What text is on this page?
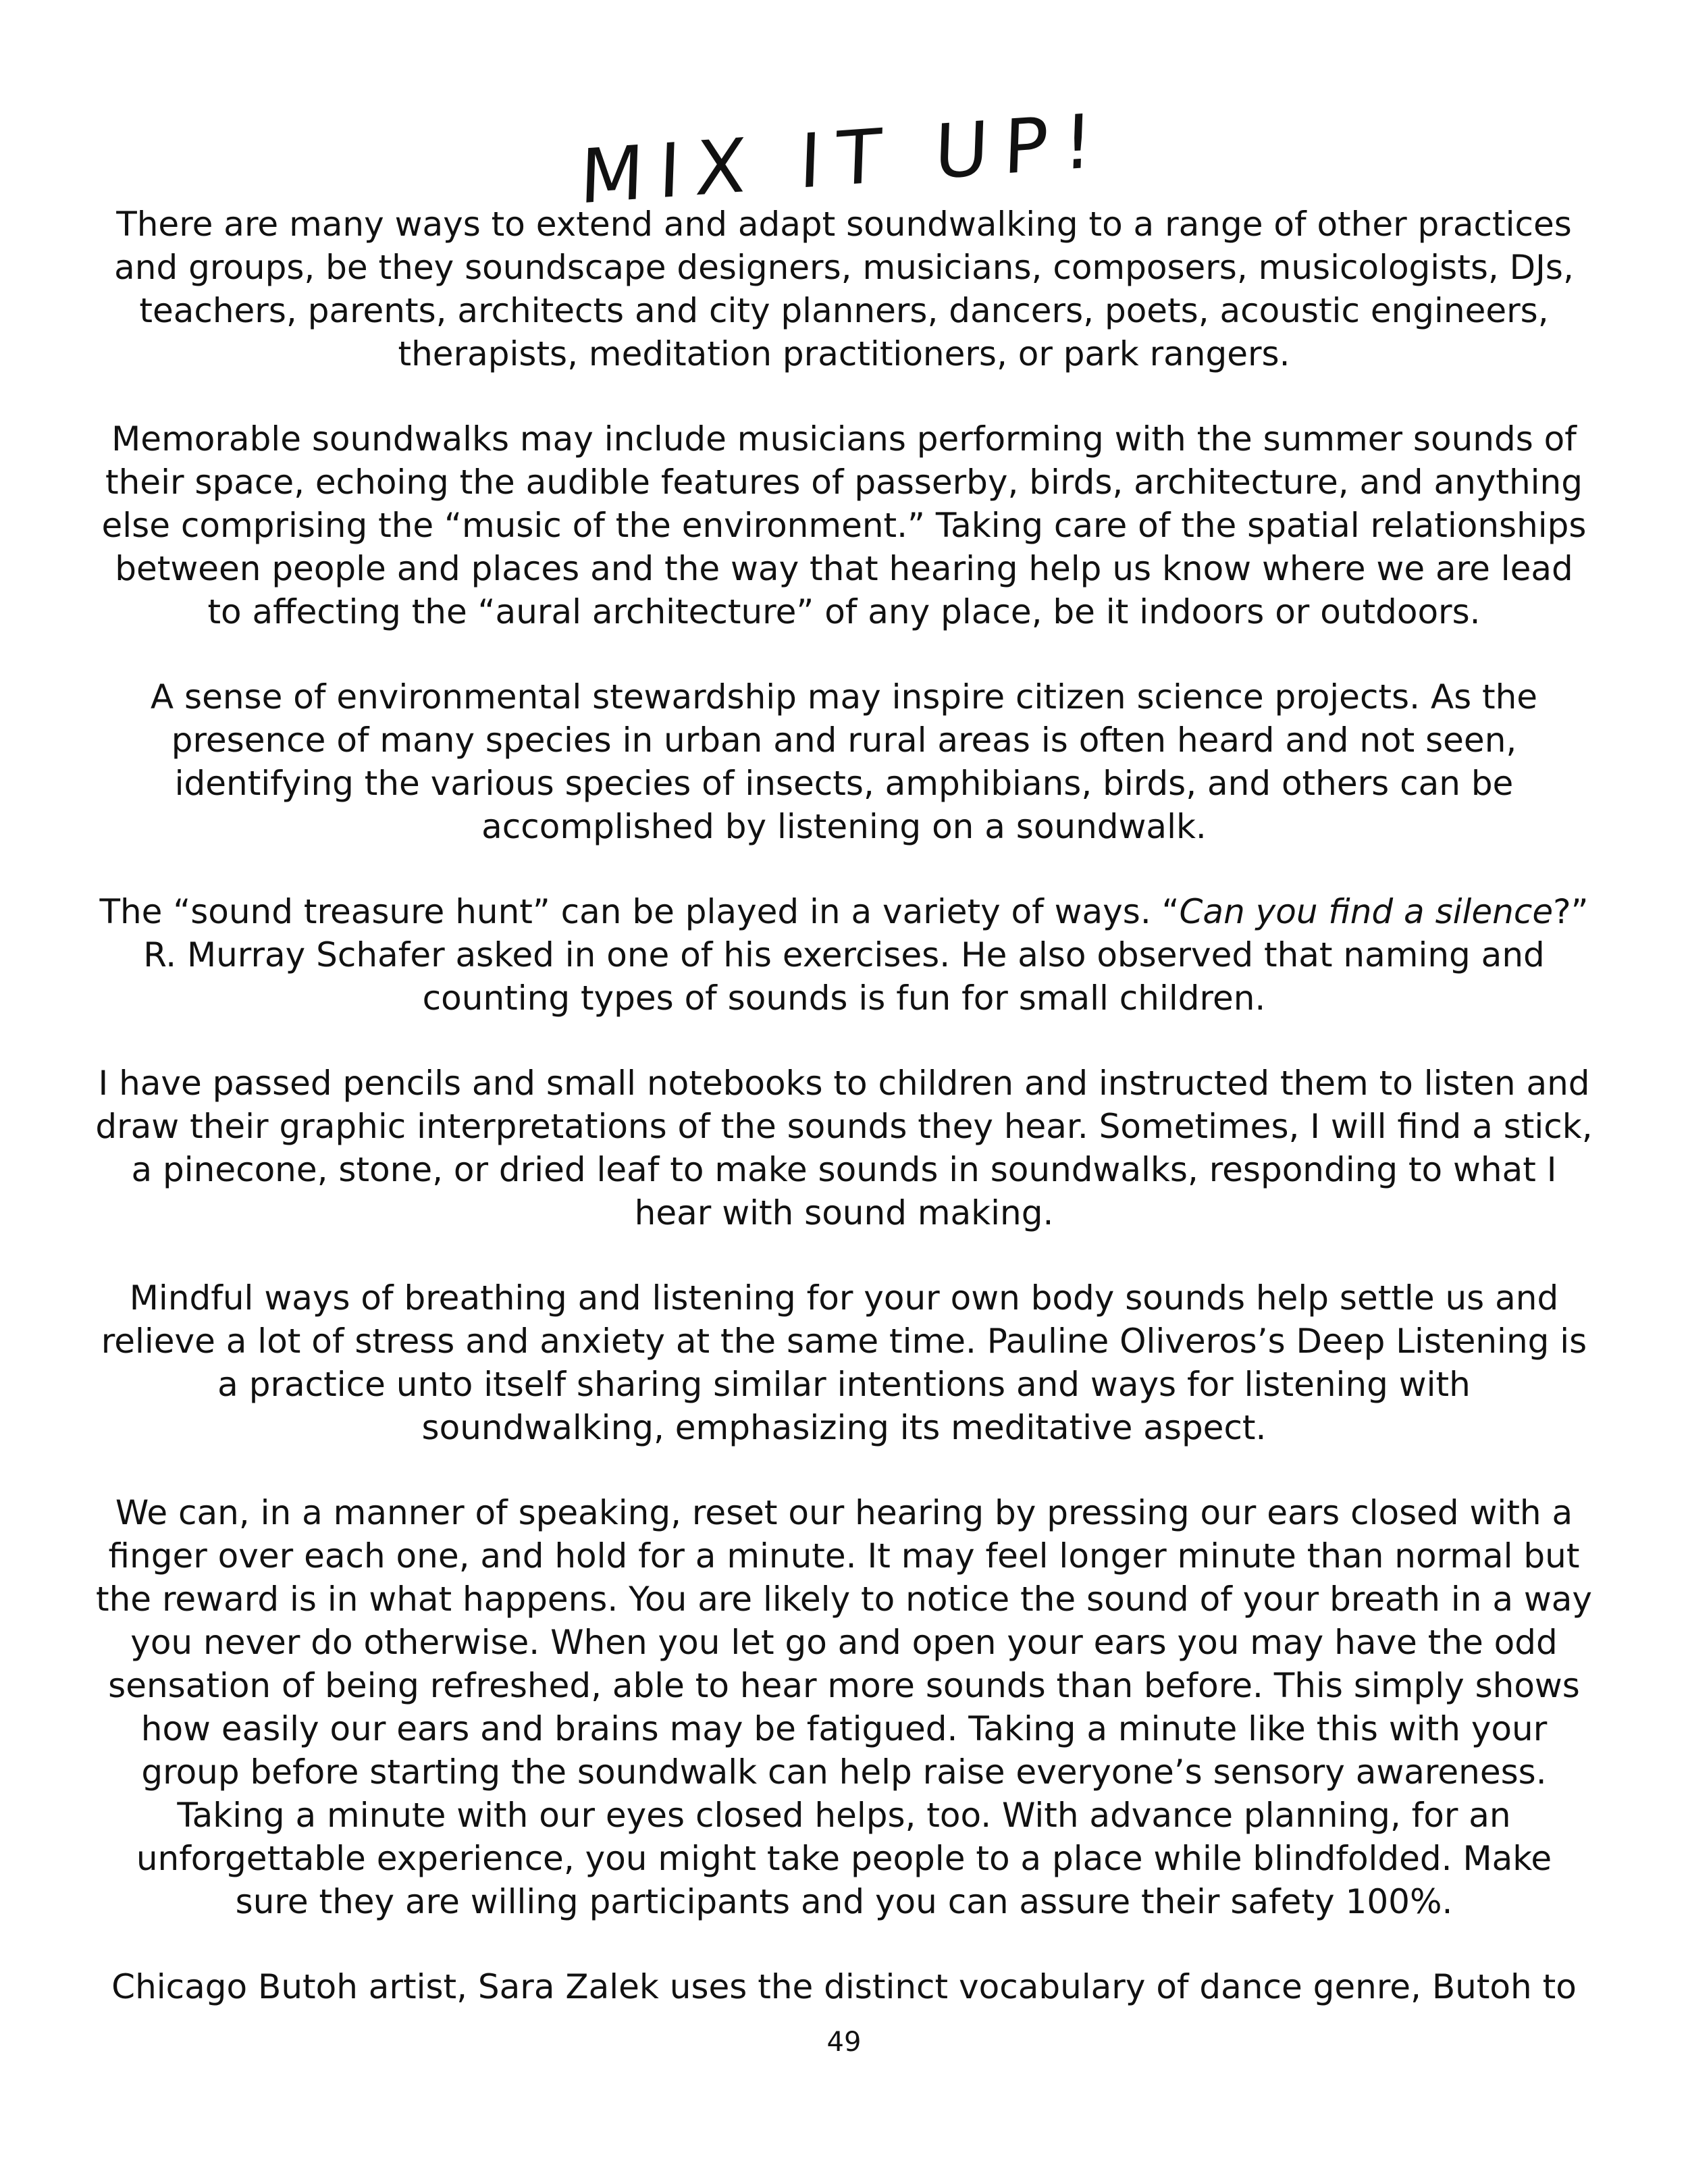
MIX IT UP!

There are many ways to extend and adapt soundwalking to a range of other practices and groups, be they soundscape designers, musicians, composers, musicologists, DJs, teachers, parents, architects and city planners, dancers, poets, acoustic engineers, therapists, meditation practitioners, or park rangers.

Memorable soundwalks may include musicians performing with the summer sounds of their space, echoing the audible features of passerby, birds, architecture, and anything else comprising the “music of the environment.” Taking care of the spatial relationships between people and places and the way that hearing help us know where we are lead to affecting the “aural architecture” of any place, be it indoors or outdoors.

A sense of environmental stewardship may inspire citizen science projects. As the presence of many species in urban and rural areas is often heard and not seen, identifying the various species of insects, amphibians, birds, and others can be accomplished by listening on a soundwalk.

The “sound treasure hunt” can be played in a variety of ways. “Can you find a silence?” R. Murray Schafer asked in one of his exercises. He also observed that naming and counting types of sounds is fun for small children.

I have passed pencils and small notebooks to children and instructed them to listen and draw their graphic interpretations of the sounds they hear. Sometimes, I will find a stick, a pinecone, stone, or dried leaf to make sounds in soundwalks, responding to what I hear with sound making.

Mindful ways of breathing and listening for your own body sounds help settle us and relieve a lot of stress and anxiety at the same time. Pauline Oliveros’s Deep Listening is a practice unto itself sharing similar intentions and ways for listening with soundwalking, emphasizing its meditative aspect.

We can, in a manner of speaking, reset our hearing by pressing our ears closed with a finger over each one, and hold for a minute. It may feel longer minute than normal but the reward is in what happens. You are likely to notice the sound of your breath in a way you never do otherwise. When you let go and open your ears you may have the odd sensation of being refreshed, able to hear more sounds than before. This simply shows how easily our ears and brains may be fatigued. Taking a minute like this with your group before starting the soundwalk can help raise everyone’s sensory awareness. Taking a minute with our eyes closed helps, too. With advance planning, for an unforgettable experience, you might take people to a place while blindfolded. Make sure they are willing participants and you can assure their safety 100%.

Chicago Butoh artist, Sara Zalek uses the distinct vocabulary of dance genre, Butoh to

49
